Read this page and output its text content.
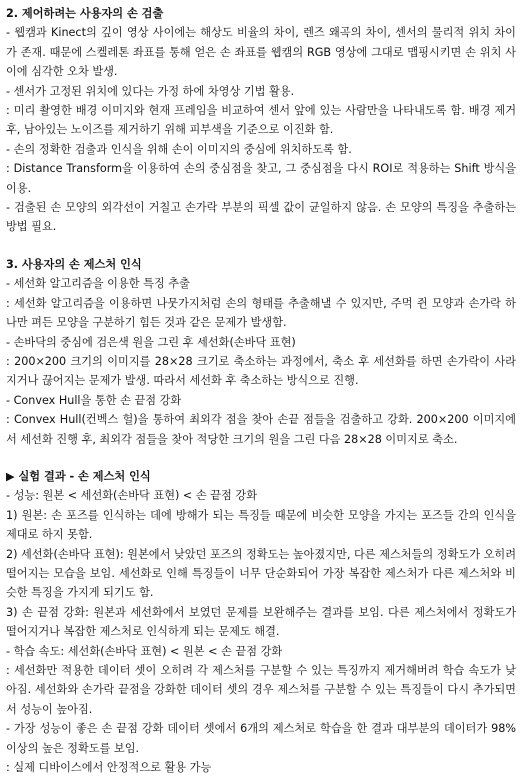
2. 제어하려는 사용자의 손 검출

- 웹캠과 Kinect의 깊이 영상 사이에는 해상도 비율의 차이, 렌즈 왜곡의 차이, 센서의 물리적 위치 차이가 존재. 때문에 스켈레톤 좌표를 통해 얻은 손 좌표를 웹캠의 RGB 영상에 그대로 맵핑시키면 손 위치 사이에 심각한 오차 발생.

- 센서가 고정된 위치에 있다는 가정 하에 차영상 기법 활용.

: 미리 촬영한 배경 이미지와 현재 프레임을 비교하여 센서 앞에 있는 사람만을 나타내도록 함. 배경 제거 후, 남아있는 노이즈를 제거하기 위해 피부색을 기준으로 이진화 함.

- 손의 정확한 검출과 인식을 위해 손이 이미지의 중심에 위치하도록 함.

: Distance Transform을 이용하여 손의 중심점을 찾고, 그 중심점을 다시 ROI로 적용하는 Shift 방식을 이용.

- 검출된 손 모양의 외각선이 거칠고 손가락 부분의 픽셀 값이 균일하지 않음. 손 모양의 특징을 추출하는 방법 필요.

3. 사용자의 손 제스처 인식

- 세선화 알고리즘을 이용한 특징 추출

: 세선화 알고리즘을 이용하면 나뭇가지처럼 손의 형태를 추출해낼 수 있지만, 주먹 쥔 모양과 손가락 하나만 펴든 모양을 구분하기 힘든 것과 같은 문제가 발생함.

- 손바닥의 중심에 검은색 원을 그린 후 세선화(손바닥 표현)

: 200×200 크기의 이미지를 28×28 크기로 축소하는 과정에서, 축소 후 세선화를 하면 손가락이 사라지거나 끊어지는 문제가 발생. 따라서 세선화 후 축소하는 방식으로 진행.

- Convex Hull을 통한 손 끝점 강화

: Convex Hull(컨벡스 헐)을 통하여 최외각 점을 찾아 손끝 점들을 검출하고 강화. 200×200 이미지에서 세선화 진행 후, 최외각 점들을 찾아 적당한 크기의 원을 그린 다음 28×28 이미지로 축소.

▶ 실험 결과 - 손 제스처 인식

- 성능: 원본 < 세선화(손바닥 표현) < 손 끝점 강화

1) 원본: 손 포즈를 인식하는 데에 방해가 되는 특징들 때문에 비슷한 모양을 가지는 포즈들 간의 인식을 제대로 하지 못함.

2) 세선화(손바닥 표현): 원본에서 낮았던 포즈의 정확도는 높아졌지만, 다른 제스처들의 정확도가 오히려 떨어지는 모습을 보임. 세선화로 인해 특징들이 너무 단순화되어 가장 복잡한 제스처가 다른 제스처와 비슷한 특징을 가지게 되기도 함.

3) 손 끝점 강화: 원본과 세선화에서 보였던 문제를 보완해주는 결과를 보임. 다른 제스처에서 정확도가 떨어지거나 복잡한 제스처로 인식하게 되는 문제도 해결.

- 학습 속도: 세선화(손바닥 표현) < 원본 < 손 끝점 강화

: 세선화만 적용한 데이터 셋이 오히려 각 제스처를 구분할 수 있는 특징까지 제거해버려 학습 속도가 낮아짐. 세선화와 손가락 끝점을 강화한 데이터 셋의 경우 제스처를 구분할 수 있는 특징들이 다시 추가되면서 성능이 높아짐.

- 가장 성능이 좋은 손 끝점 강화 데이터 셋에서 6개의 제스처로 학습을 한 결과 대부분의 데이터가 98% 이상의 높은 정확도를 보임.

: 실제 디바이스에서 안정적으로 활용 가능
